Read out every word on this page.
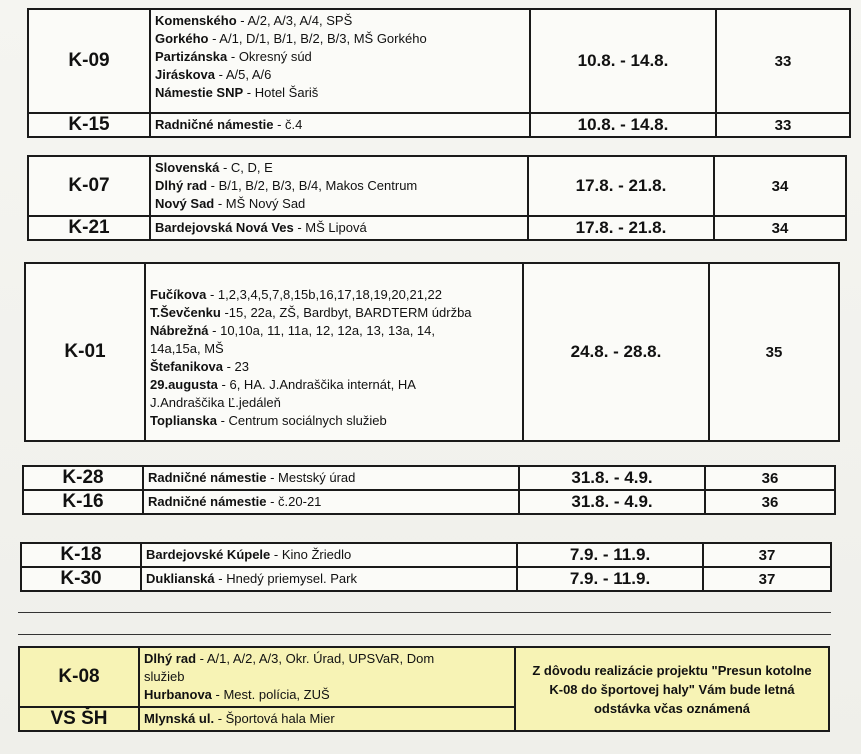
K-09	Komenského - A/2, A/3, A/4, SPŠ
Gorkého - A/1, D/1, B/1, B/2, B/3, MŠ Gorkého
Partizánska - Okresný súd
Jiráskova - A/5, A/6
Námestie SNP - Hotel Šariš	10.8. - 14.8.	33
K-15	Radničné námestie - č.4	10.8. - 14.8.	33
K-07	Slovenská - C, D, E
Dlhý rad - B/1, B/2, B/3, B/4, Makos Centrum
Nový Sad - MŠ Nový Sad	17.8. - 21.8.	34
K-21	Bardejovská Nová Ves - MŠ Lipová	17.8. - 21.8.	34
K-01	
Fučíkova - 1,2,3,4,5,7,8,15b,16,17,18,19,20,21,22
T.Ševčenku -15, 22a, ZŠ, Bardbyt, BARDTERM údržba
Nábrežná - 10,10a, 11, 11a, 12, 12a, 13, 13a, 14,
14a,15a, MŠ
Štefanikova - 23
29.augusta - 6, HA. J.Andraščika internát, HA
J.Andraščika Ľ.jedáleň
Toplianska - Centrum sociálnych služieb
	24.8. - 28.8.	35
K-28	Radničné námestie - Mestský úrad	31.8. - 4.9.	36
K-16	Radničné námestie - č.20-21	31.8. - 4.9.	36
K-18	Bardejovské Kúpele - Kino Žriedlo	7.9. - 11.9.	37
K-30	Duklianská - Hnedý priemysel. Park	7.9. - 11.9.	37
K-08	Dlhý rad - A/1, A/2, A/3, Okr. Úrad, UPSVaR, Dom
služieb
Hurbanova - Mest. polícia, ZUŠ	Z dôvodu realizácie projektu "Presun kotolne K-08 do športovej haly" Vám bude letná odstávka včas oznámená
VS ŠH	Mlynská ul. - Športová hala Mier	
